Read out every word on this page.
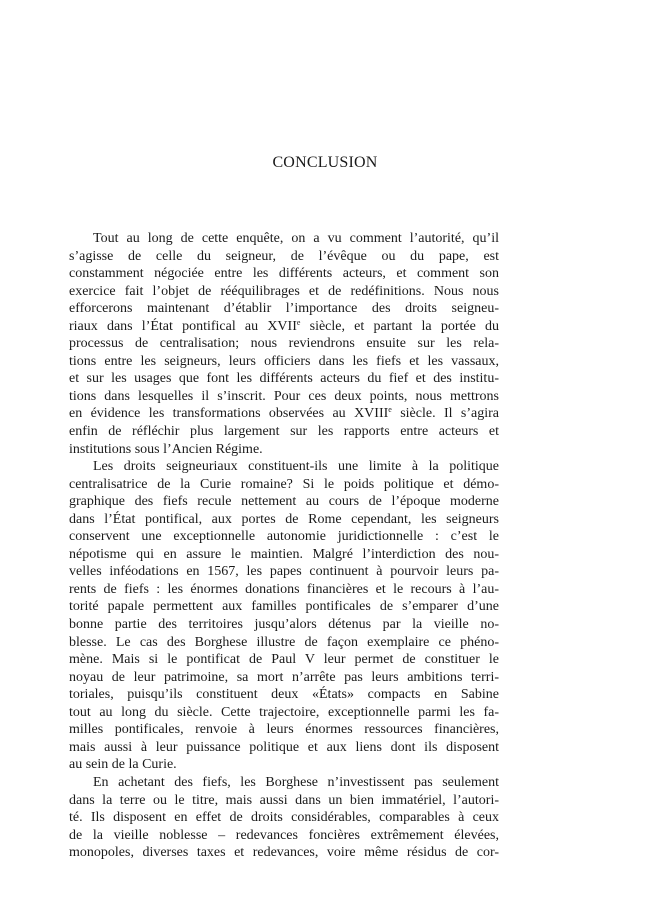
CONCLUSION
Tout au long de cette enquête, on a vu comment l’autorité, qu’il
s’agisse de celle du seigneur, de l’évêque ou du pape, est
constamment négociée entre les différents acteurs, et comment son
exercice fait l’objet de rééquilibrages et de redéfinitions. Nous nous
efforcerons maintenant d’établir l’importance des droits seigneu-
riaux dans l’État pontifical au XVIIe siècle, et partant la portée du
processus de centralisation; nous reviendrons ensuite sur les rela-
tions entre les seigneurs, leurs officiers dans les fiefs et les vassaux,
et sur les usages que font les différents acteurs du fief et des institu-
tions dans lesquelles il s’inscrit. Pour ces deux points, nous mettrons
en évidence les transformations observées au XVIIIe siècle. Il s’agira
enfin de réfléchir plus largement sur les rapports entre acteurs et
institutions sous l’Ancien Régime.
Les droits seigneuriaux constituent-ils une limite à la politique
centralisatrice de la Curie romaine? Si le poids politique et démo-
graphique des fiefs recule nettement au cours de l’époque moderne
dans l’État pontifical, aux portes de Rome cependant, les seigneurs
conservent une exceptionnelle autonomie juridictionnelle : c’est le
népotisme qui en assure le maintien. Malgré l’interdiction des nou-
velles inféodations en 1567, les papes continuent à pourvoir leurs pa-
rents de fiefs : les énormes donations financières et le recours à l’au-
torité papale permettent aux familles pontificales de s’emparer d’une
bonne partie des territoires jusqu’alors détenus par la vieille no-
blesse. Le cas des Borghese illustre de façon exemplaire ce phéno-
mène. Mais si le pontificat de Paul V leur permet de constituer le
noyau de leur patrimoine, sa mort n’arrête pas leurs ambitions terri-
toriales, puisqu’ils constituent deux «États» compacts en Sabine
tout au long du siècle. Cette trajectoire, exceptionnelle parmi les fa-
milles pontificales, renvoie à leurs énormes ressources financières,
mais aussi à leur puissance politique et aux liens dont ils disposent
au sein de la Curie.
En achetant des fiefs, les Borghese n’investissent pas seulement
dans la terre ou le titre, mais aussi dans un bien immatériel, l’autori-
té. Ils disposent en effet de droits considérables, comparables à ceux
de la vieille noblesse – redevances foncières extrêmement élevées,
monopoles, diverses taxes et redevances, voire même résidus de cor-
